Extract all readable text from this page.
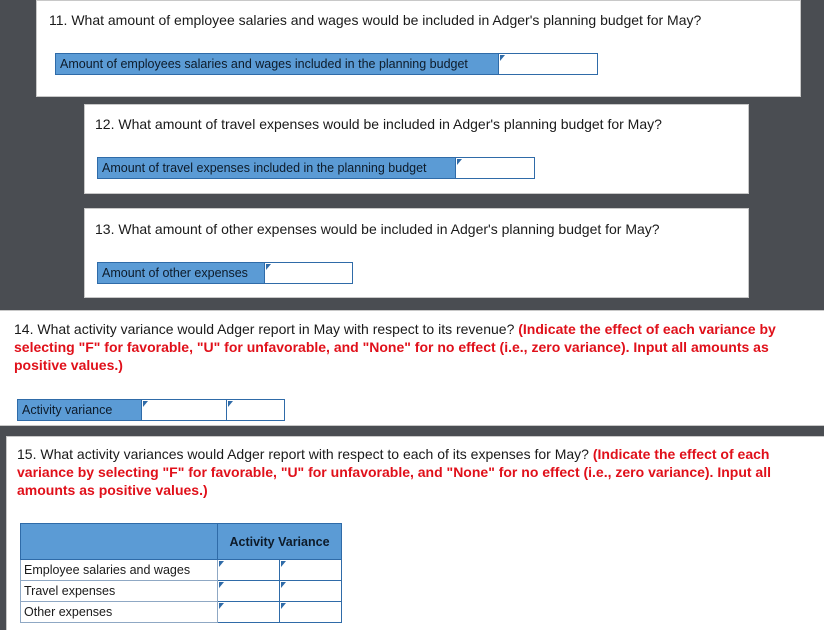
11. What amount of employee salaries and wages would be included in Adger's planning budget for May?
Amount of employees salaries and wages included in the planning budget
12. What amount of travel expenses would be included in Adger's planning budget for May?
Amount of travel expenses included in the planning budget
13. What amount of other expenses would be included in Adger's planning budget for May?
Amount of other expenses
14. What activity variance would Adger report in May with respect to its revenue? (Indicate the effect of each variance by selecting "F" for favorable, "U" for unfavorable, and "None" for no effect (i.e., zero variance). Input all amounts as positive values.)
Activity variance
15. What activity variances would Adger report with respect to each of its expenses for May? (Indicate the effect of each variance by selecting "F" for favorable, "U" for unfavorable, and "None" for no effect (i.e., zero variance). Input all amounts as positive values.)
	Activity Variance	
Employee salaries and wages		
Travel expenses		
Other expenses		
